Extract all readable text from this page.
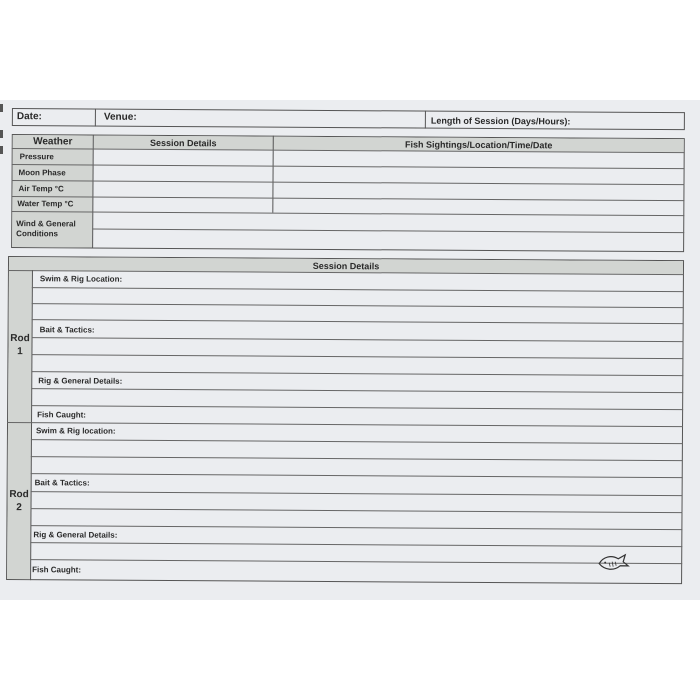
Date:	Venue:	Length of Session (Days/Hours):
Weather	Session Details	Fish Sightings/Location/Time/Date
Pressure
Moon Phase
Air Temp °C
Water Temp °C
Wind & General
Conditions
Session Details
Rod
1
Swim & Rig Location:
Bait & Tactics:
Rig & General Details:
Fish Caught:
Rod
2
Swim & Rig location:
Bait & Tactics:
Rig & General Details:
Fish Caught:
